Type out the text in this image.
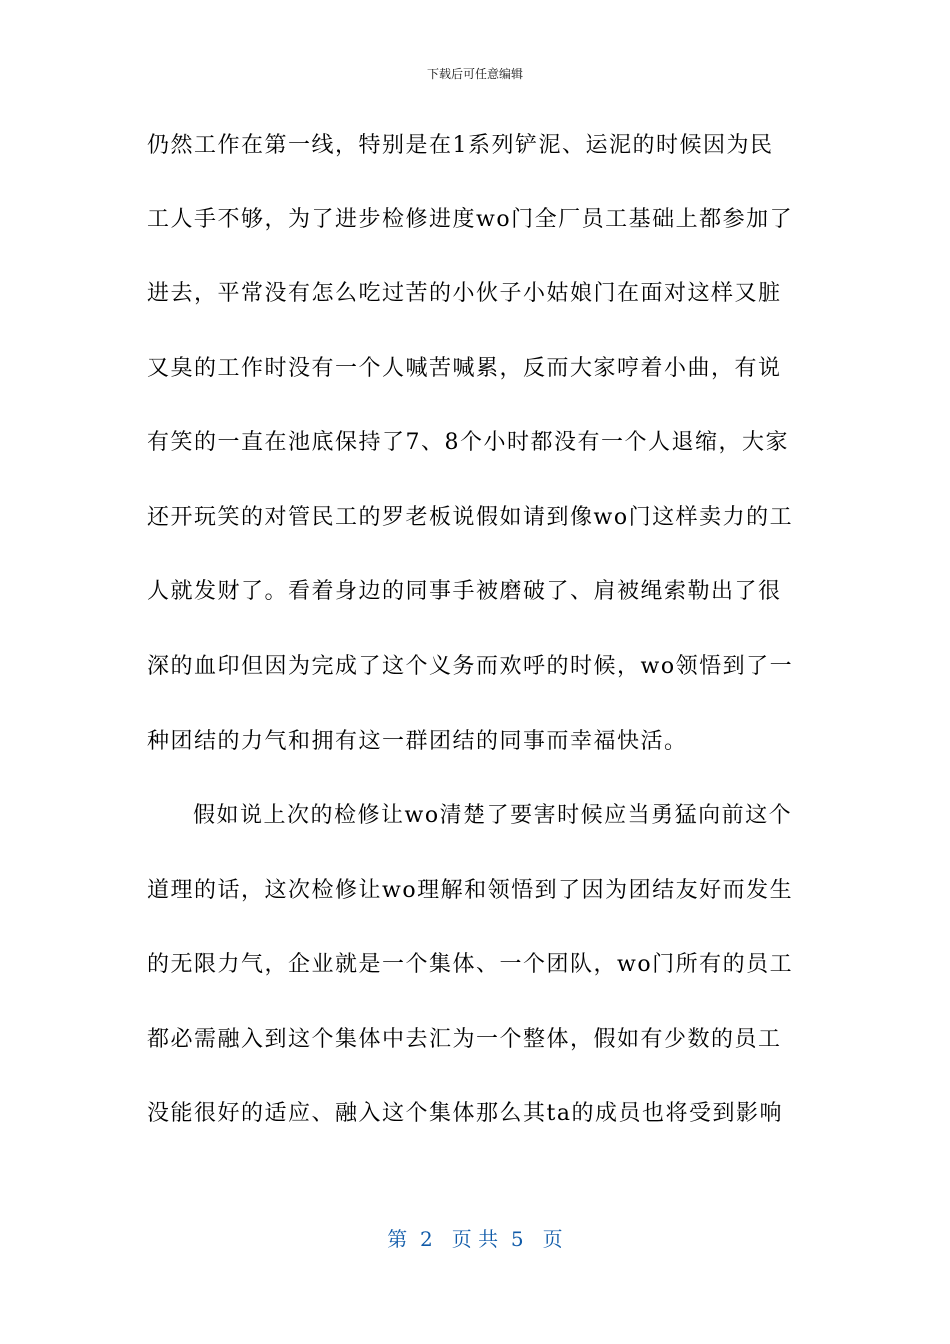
下载后可任意编辑
仍然工作在第一线，特别是在1系列铲泥、运泥的时候因为民
工人手不够，为了进步检修进度wo门全厂员工基础上都参加了
进去，平常没有怎么吃过苦的小伙子小姑娘门在面对这样又脏
又臭的工作时没有一个人喊苦喊累，反而大家哼着小曲，有说
有笑的一直在池底保持了7、8个小时都没有一个人退缩，大家
还开玩笑的对管民工的罗老板说假如请到像wo门这样卖力的工
人就发财了。看着身边的同事手被磨破了、肩被绳索勒出了很
深的血印但因为完成了这个义务而欢呼的时候，wo领悟到了一
种团结的力气和拥有这一群团结的同事而幸福快活。
假如说上次的检修让wo清楚了要害时候应当勇猛向前这个
道理的话，这次检修让wo理解和领悟到了因为团结友好而发生
的无限力气，企业就是一个集体、一个团队，wo门所有的员工
都必需融入到这个集体中去汇为一个整体，假如有少数的员工
没能很好的适应、融入这个集体那么其ta的成员也将受到影响
第  2   页 共  5   页
